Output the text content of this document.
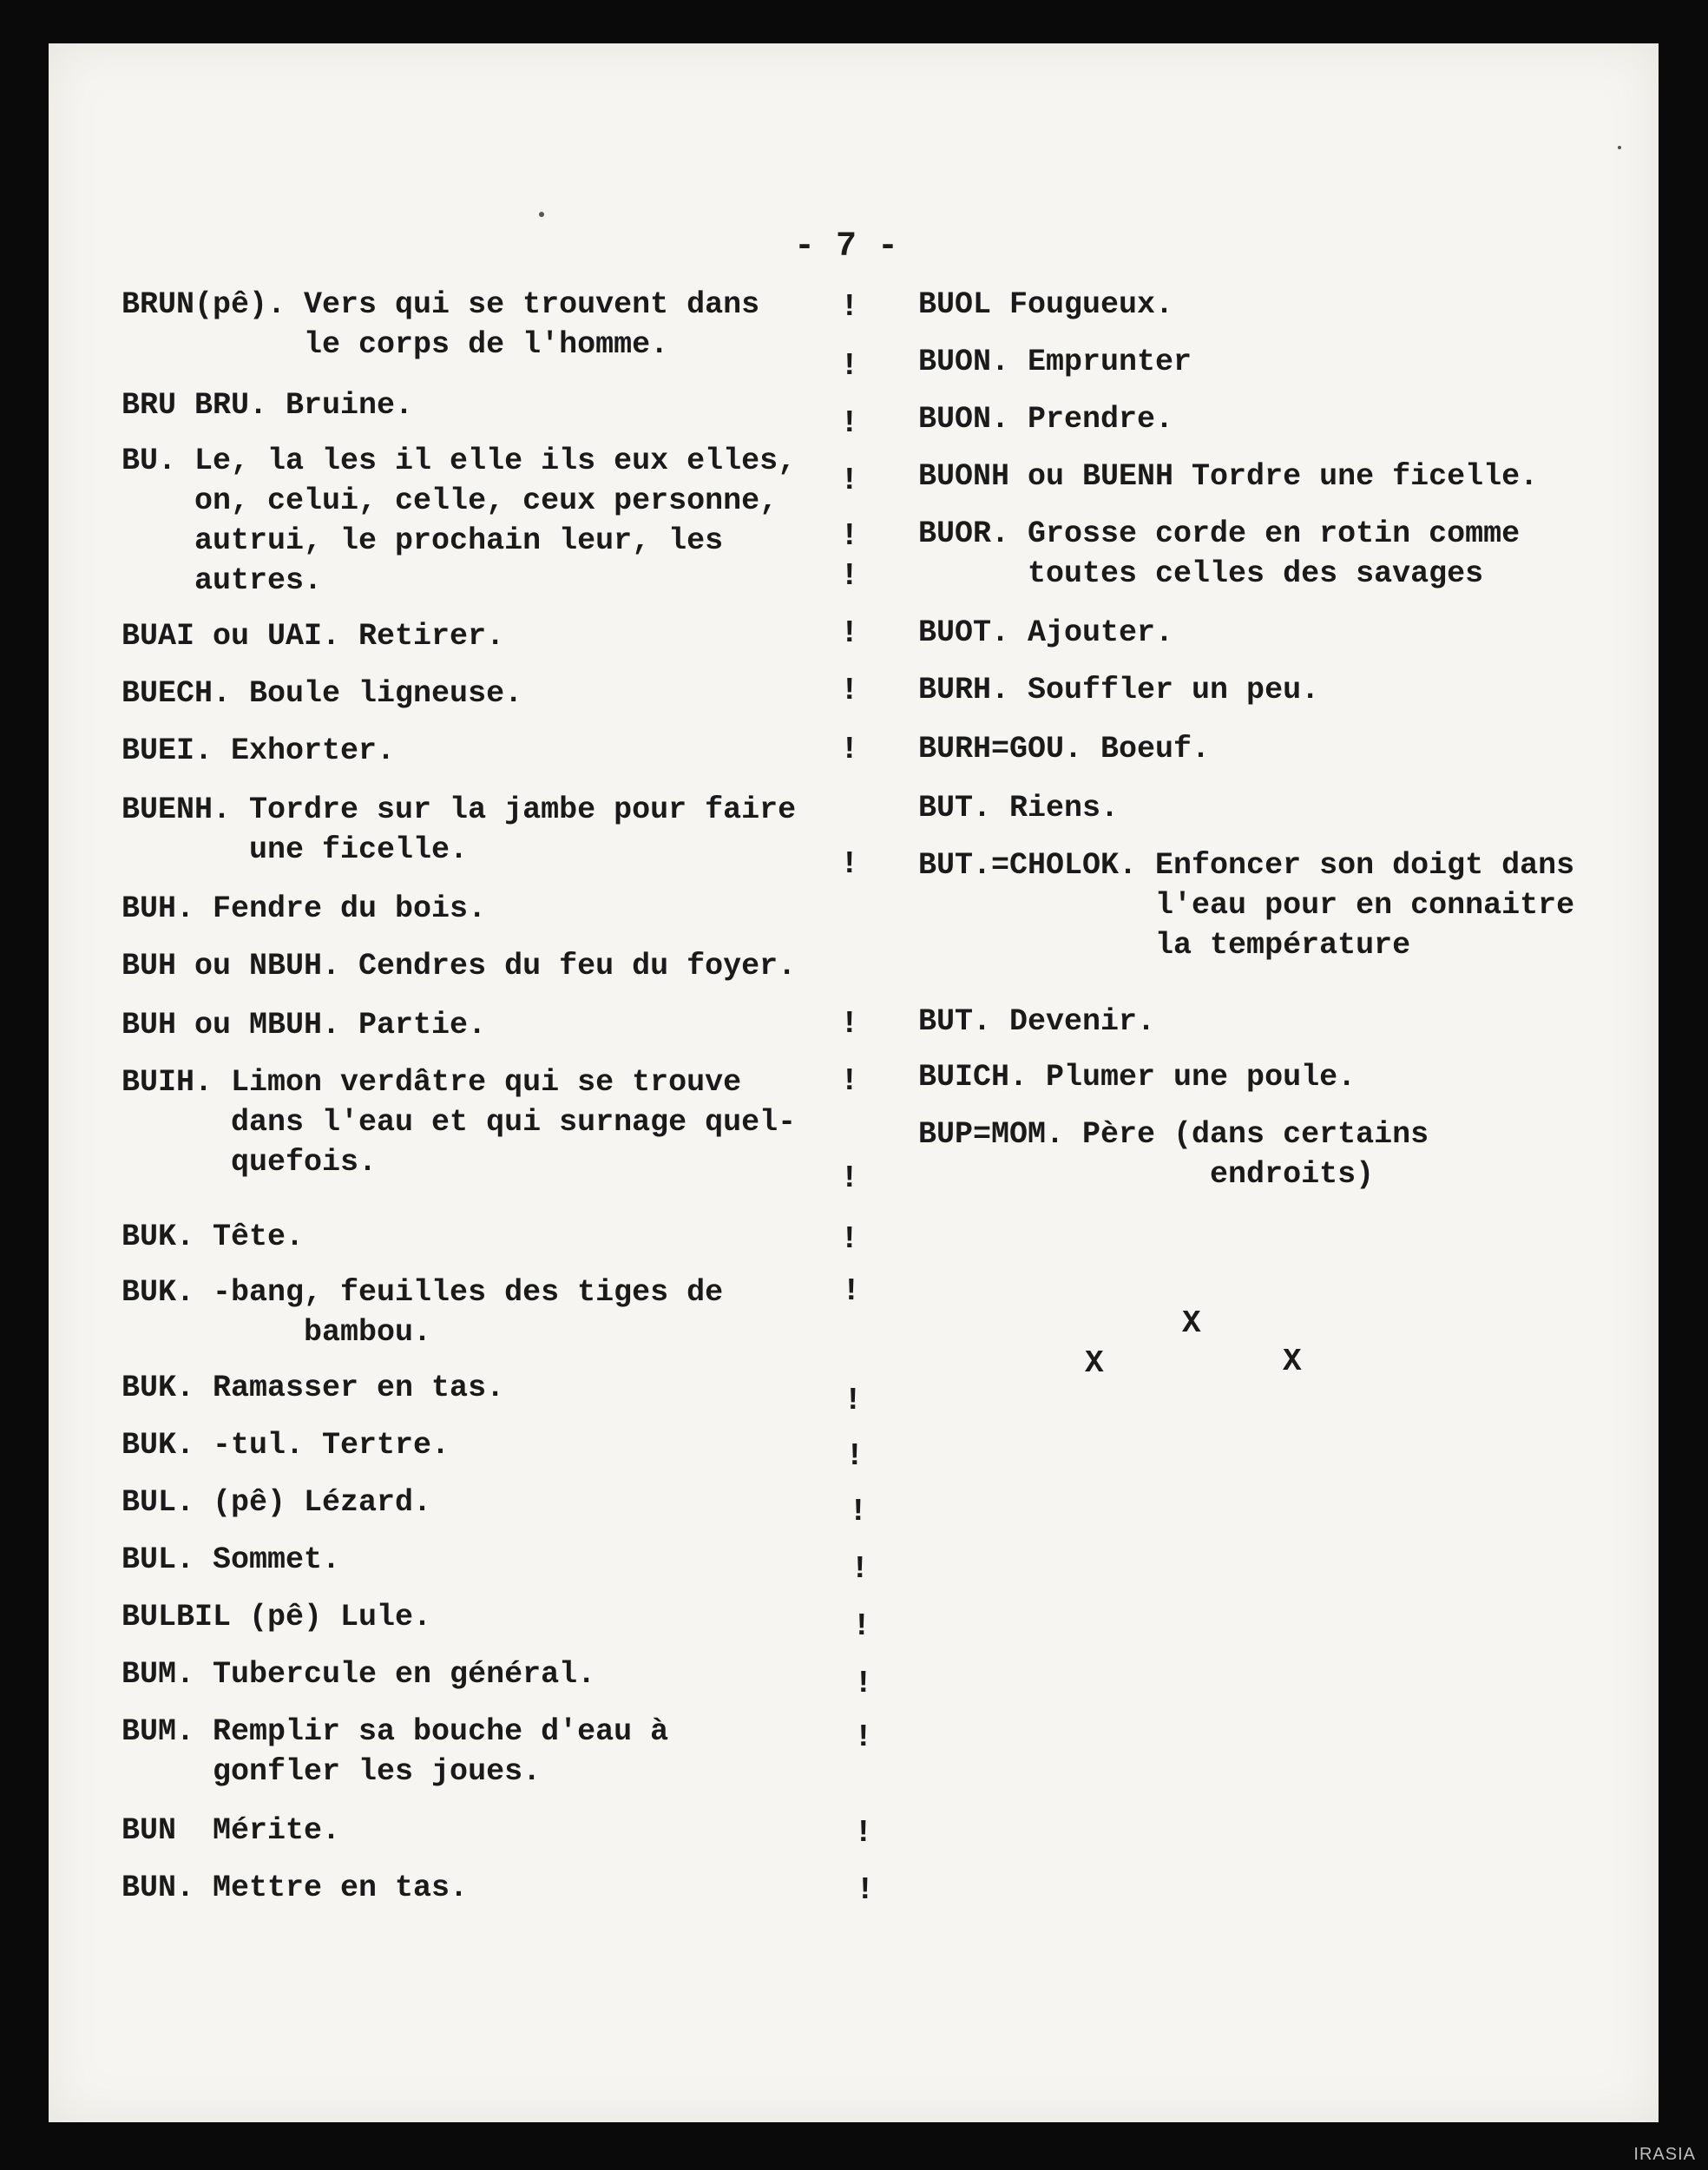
- 7 -
BRUN(pê). Vers qui se trouvent dans
le corps de l'homme.
BRU BRU. Bruine.
BU. Le, la les il elle ils eux elles,
on, celui, celle, ceux personne,
autrui, le prochain leur, les
autres.
BUAI ou UAI. Retirer.
BUECH. Boule ligneuse.
BUEI. Exhorter.
BUENH. Tordre sur la jambe pour faire
une ficelle.
BUH. Fendre du bois.
BUH ou NBUH. Cendres du feu du foyer.
BUH ou MBUH. Partie.
BUIH. Limon verdâtre qui se trouve
dans l'eau et qui surnage quel-
quefois.
BUK. Tête.
BUK. -bang, feuilles des tiges de
bambou.
BUK. Ramasser en tas.
BUK. -tul. Tertre.
BUL. (pê) Lézard.
BUL. Sommet.
BULBIL (pê) Lule.
BUM. Tubercule en général.
BUM. Remplir sa bouche d'eau à
gonfler les joues.
BUN  Mérite.
BUN. Mettre en tas.
!
!
!
!
!
!
!
!
!
!
!
!
!
!
!
!
!
!
!
!
!
!
!
!
BUOL Fougueux.
BUON. Emprunter
BUON. Prendre.
BUONH ou BUENH Tordre une ficelle.
BUOR. Grosse corde en rotin comme
toutes celles des savages
BUOT. Ajouter.
BURH. Souffler un peu.
BURH=GOU. Boeuf.
BUT. Riens.
BUT.=CHOLOK. Enfoncer son doigt dans
l'eau pour en connaitre
la température
BUT. Devenir.
BUICH. Plumer une poule.
BUP=MOM. Père (dans certains
endroits)
X
X	X
IRASIA
